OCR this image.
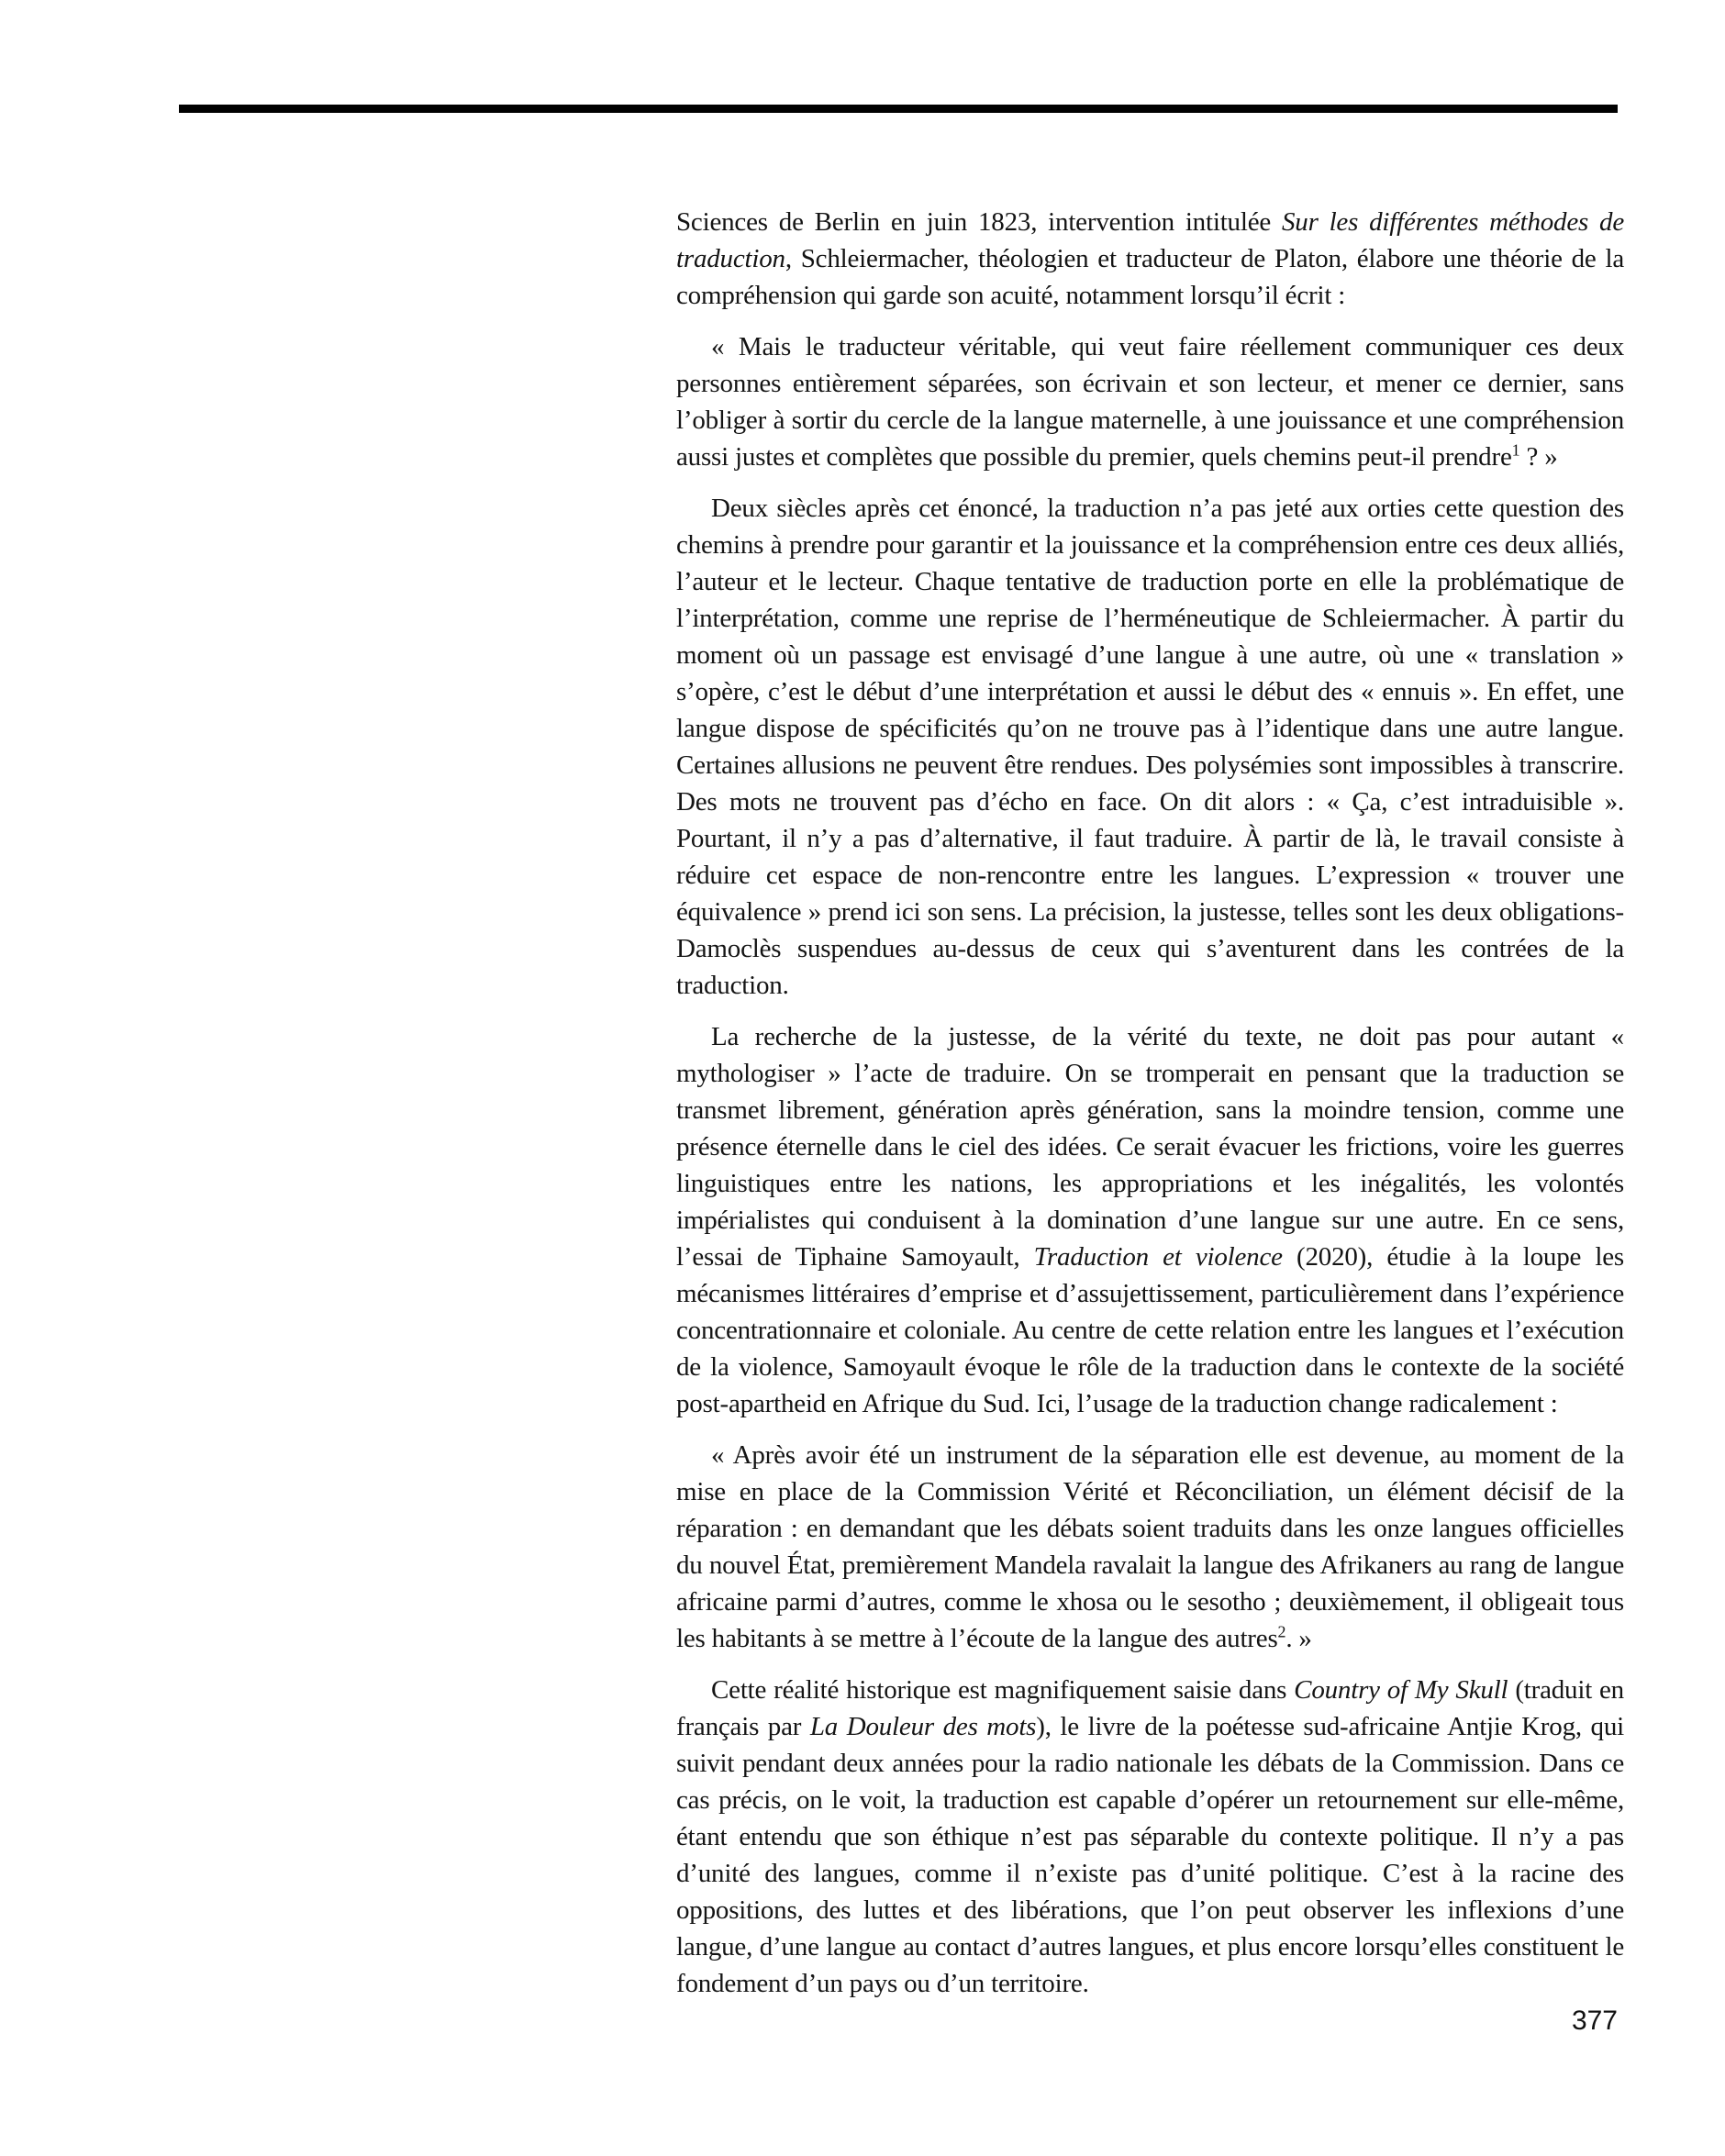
Sciences de Berlin en juin 1823, intervention intitulée Sur les différentes méthodes de traduction, Schleiermacher, théologien et traducteur de Platon, élabore une théorie de la compréhension qui garde son acuité, notamment lorsqu’il écrit :

« Mais le traducteur véritable, qui veut faire réellement communiquer ces deux personnes entièrement séparées, son écrivain et son lecteur, et mener ce dernier, sans l’obliger à sortir du cercle de la langue maternelle, à une jouissance et une compréhension aussi justes et complètes que possible du premier, quels chemins peut-il prendre$^1$ ? »

Deux siècles après cet énoncé, la traduction n’a pas jeté aux orties cette question des chemins à prendre pour garantir et la jouissance et la compréhension entre ces deux alliés, l’auteur et le lecteur. Chaque tentative de traduction porte en elle la problématique de l’interprétation, comme une reprise de l’herméneutique de Schleiermacher. À partir du moment où un passage est envisagé d’une langue à une autre, où une « translation » s’opère, c’est le début d’une interprétation et aussi le début des « ennuis ». En effet, une langue dispose de spécificités qu’on ne trouve pas à l’identique dans une autre langue. Certaines allusions ne peuvent être rendues. Des polysémies sont impossibles à transcrire. Des mots ne trouvent pas d’écho en face. On dit alors : « Ça, c’est intraduisible ». Pourtant, il n’y a pas d’alternative, il faut traduire. À partir de là, le travail consiste à réduire cet espace de non-rencontre entre les langues. L’expression « trouver une équivalence » prend ici son sens. La précision, la justesse, telles sont les deux obligations-Damoclès suspendues au-dessus de ceux qui s’aventurent dans les contrées de la traduction.

La recherche de la justesse, de la vérité du texte, ne doit pas pour autant « mythologiser » l’acte de traduire. On se tromperait en pensant que la traduction se transmet librement, génération après génération, sans la moindre tension, comme une présence éternelle dans le ciel des idées. Ce serait évacuer les frictions, voire les guerres linguistiques entre les nations, les appropriations et les inégalités, les volontés impérialistes qui conduisent à la domination d’une langue sur une autre. En ce sens, l’essai de Tiphaine Samoyault, Traduction et violence (2020), étudie à la loupe les mécanismes littéraires d’emprise et d’assujettissement, particulièrement dans l’expérience concentrationnaire et coloniale. Au centre de cette relation entre les langues et l’exécution de la violence, Samoyault évoque le rôle de la traduction dans le contexte de la société post-apartheid en Afrique du Sud. Ici, l’usage de la traduction change radicalement :

« Après avoir été un instrument de la séparation elle est devenue, au moment de la mise en place de la Commission Vérité et Réconciliation, un élément décisif de la réparation : en demandant que les débats soient traduits dans les onze langues officielles du nouvel État, premièrement Mandela ravalait la langue des Afrikaners au rang de langue africaine parmi d’autres, comme le xhosa ou le sesotho ; deuxièmement, il obligeait tous les habitants à se mettre à l’écoute de la langue des autres$^2$. »

Cette réalité historique est magnifiquement saisie dans Country of My Skull (traduit en français par La Douleur des mots), le livre de la poétesse sud-africaine Antjie Krog, qui suivit pendant deux années pour la radio nationale les débats de la Commission. Dans ce cas précis, on le voit, la traduction est capable d’opérer un retournement sur elle-même, étant entendu que son éthique n’est pas séparable du contexte politique. Il n’y a pas d’unité des langues, comme il n’existe pas d’unité politique. C’est à la racine des oppositions, des luttes et des libérations, que l’on peut observer les inflexions d’une langue, d’une langue au contact d’autres langues, et plus encore lorsqu’elles constituent le fondement d’un pays ou d’un territoire.

377
